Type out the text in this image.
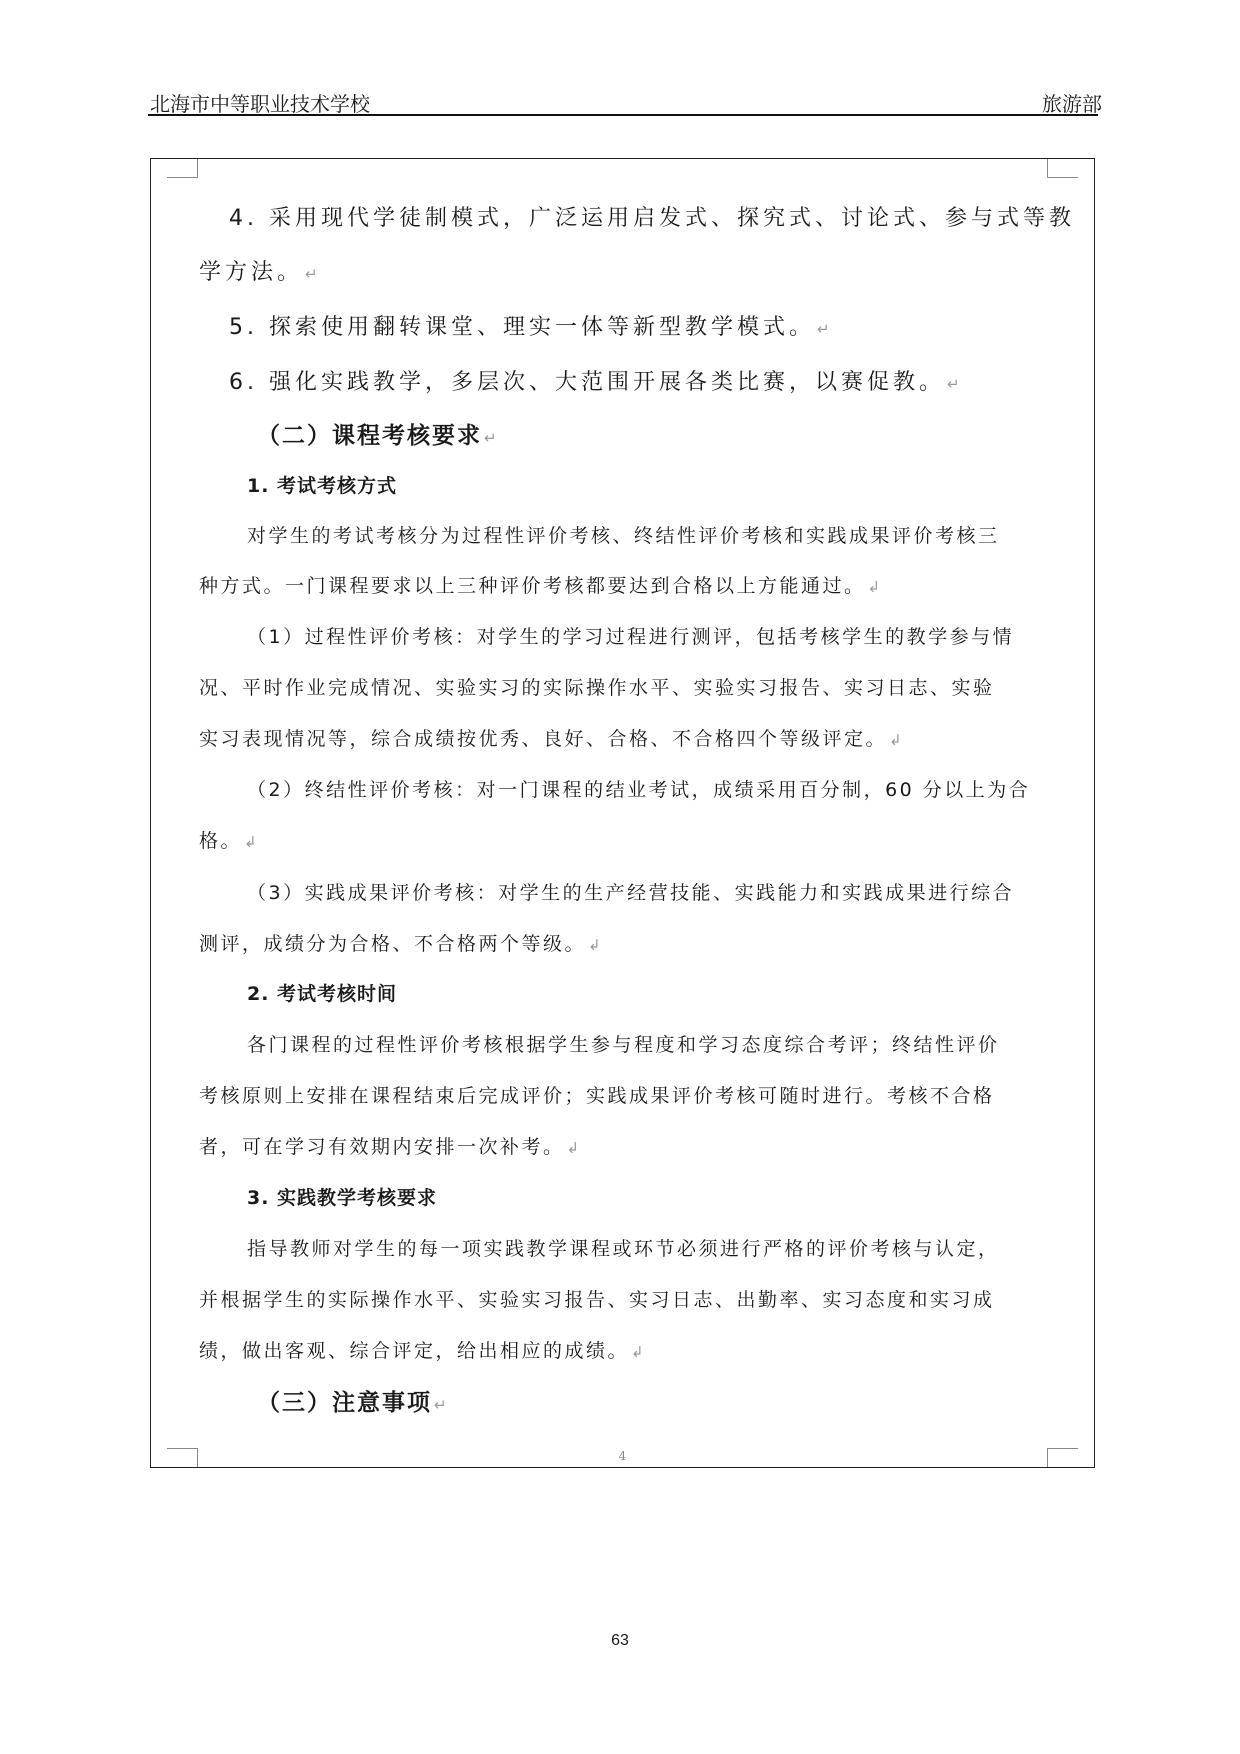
北海市中等职业技术学校	旅游部
4. 采用现代学徒制模式，广泛运用启发式、探究式、讨论式、参与式等教
学方法。 ↵
5. 探索使用翻转课堂、理实一体等新型教学模式。 ↵
6. 强化实践教学，多层次、大范围开展各类比赛，以赛促教。 ↵
（二）课程考核要求 ↵
1. 考试考核方式
对学生的考试考核分为过程性评价考核、终结性评价考核和实践成果评价考核三
种方式。一门课程要求以上三种评价考核都要达到合格以上方能通过。 ↲
（1）过程性评价考核：对学生的学习过程进行测评，包括考核学生的教学参与情
况、平时作业完成情况、实验实习的实际操作水平、实验实习报告、实习日志、实验
实习表现情况等，综合成绩按优秀、良好、合格、不合格四个等级评定。 ↲
（2）终结性评价考核：对一门课程的结业考试，成绩采用百分制，60 分以上为合
格。 ↲
（3）实践成果评价考核：对学生的生产经营技能、实践能力和实践成果进行综合
测评，成绩分为合格、不合格两个等级。 ↲
2. 考试考核时间
各门课程的过程性评价考核根据学生参与程度和学习态度综合考评；终结性评价
考核原则上安排在课程结束后完成评价；实践成果评价考核可随时进行。考核不合格
者，可在学习有效期内安排一次补考。 ↲
3. 实践教学考核要求
指导教师对学生的每一项实践教学课程或环节必须进行严格的评价考核与认定，
并根据学生的实际操作水平、实验实习报告、实习日志、出勤率、实习态度和实习成
绩，做出客观、综合评定，给出相应的成绩。 ↲
（三）注意事项 ↵
4
63
